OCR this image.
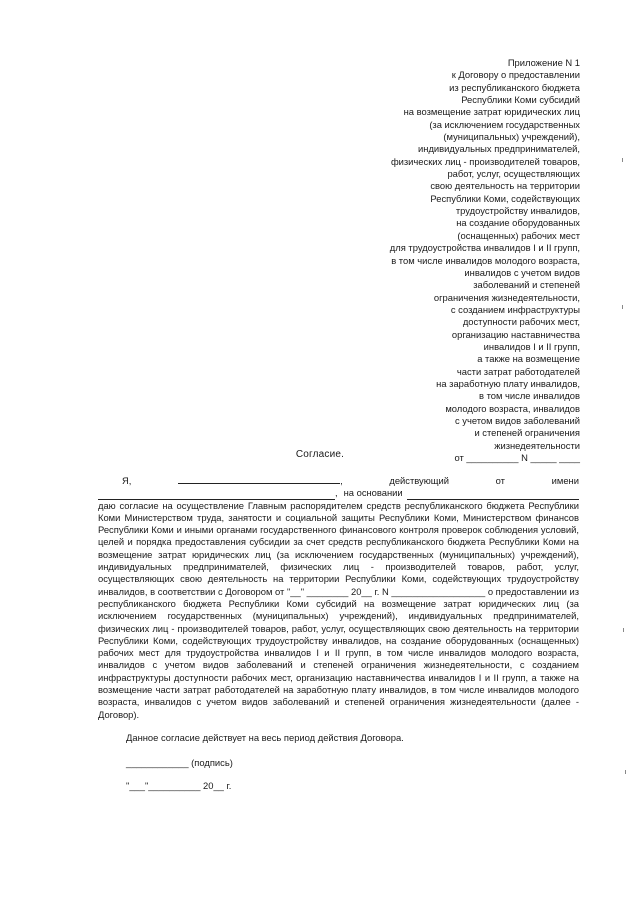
Приложение N 1
к Договору о предоставлении
из республиканского бюджета
Республики Коми субсидий
на возмещение затрат юридических лиц
(за исключением государственных
(муниципальных) учреждений),
индивидуальных предпринимателей,
физических лиц - производителей товаров,
работ, услуг, осуществляющих
свою деятельность на территории
Республики Коми, содействующих
трудоустройству инвалидов,
на создание оборудованных
(оснащенных) рабочих мест
для трудоустройства инвалидов I и II групп,
в том числе инвалидов молодого возраста,
инвалидов с учетом видов
заболеваний и степеней
ограничения жизнедеятельности,
с созданием инфраструктуры
доступности рабочих мест,
организацию наставничества
инвалидов I и II групп,
а также на возмещение
части затрат работодателей
на заработную плату инвалидов,
в том числе инвалидов
молодого возраста, инвалидов
с учетом видов заболеваний
и степеней ограничения
жизнедеятельности
от __________ N _____ ____
Согласие.
Я,	,	действующий	от	имени
, на основании
даю согласие на осуществление Главным распорядителем средств республиканского бюджета Республики Коми Министерством труда, занятости и социальной защиты Республики Коми, Министерством финансов Республики Коми и иными органами государственного финансового контроля проверок соблюдения условий, целей и порядка предоставления субсидии за счет средств республиканского бюджета Республики Коми на возмещение затрат юридических лиц (за исключением государственных (муниципальных) учреждений), индивидуальных предпринимателей, физических лиц - производителей товаров, работ, услуг, осуществляющих свою деятельность на территории Республики Коми, содействующих трудоустройству инвалидов, в соответствии с Договором от "__" ________ 20__ г. N __________________ о предоставлении из республиканского бюджета Республики Коми субсидий на возмещение затрат юридических лиц (за исключением государственных (муниципальных) учреждений), индивидуальных предпринимателей, физических лиц - производителей товаров, работ, услуг, осуществляющих свою деятельность на территории Республики Коми, содействующих трудоустройству инвалидов, на создание оборудованных (оснащенных) рабочих мест для трудоустройства инвалидов I и II групп, в том числе инвалидов молодого возраста, инвалидов с учетом видов заболеваний и степеней ограничения жизнедеятельности, с созданием инфраструктуры доступности рабочих мест, организацию наставничества инвалидов I и II групп, а также на возмещение части затрат работодателей на заработную плату инвалидов, в том числе инвалидов молодого возраста, инвалидов с учетом видов заболеваний и степеней ограничения жизнедеятельности (далее - Договор).
Данное согласие действует на весь период действия Договора.
____________ (подпись)
"___"__________ 20__ г.
